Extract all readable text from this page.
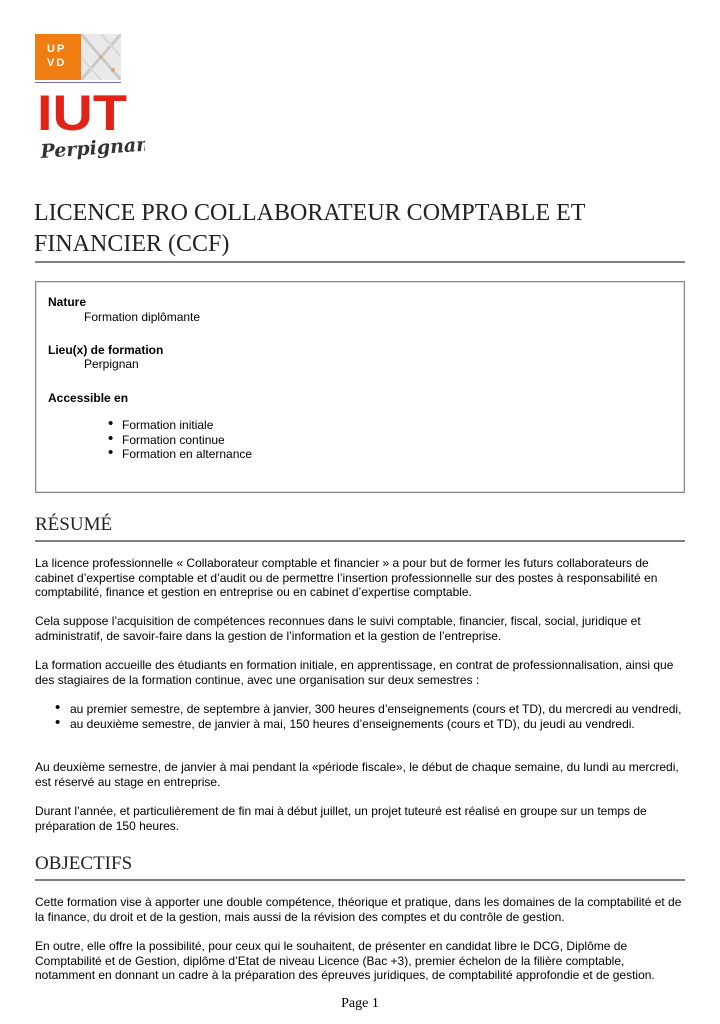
UP
VD
IUT
Perpignan
LICENCE PRO COLLABORATEUR COMPTABLE ET FINANCIER (CCF)
Nature
Formation diplômante
Lieu(x) de formation
Perpignan
Accessible en
• Formation initiale
• Formation continue
• Formation en alternance
RÉSUMÉ

La licence professionnelle « Collaborateur comptable et financier » a pour but de former les futurs collaborateurs de cabinet d’expertise comptable et d’audit ou de permettre l’insertion professionnelle sur des postes à responsabilité en comptabilité, finance et gestion en entreprise ou en cabinet d’expertise comptable.

Cela suppose l’acquisition de compétences reconnues dans le suivi comptable, financier, fiscal, social, juridique et administratif, de savoir-faire dans la gestion de l’information et la gestion de l’entreprise.

La formation accueille des étudiants en formation initiale, en apprentissage, en contrat de professionnalisation, ainsi que des stagiaires de la formation continue, avec une organisation sur deux semestres :

• au premier semestre, de septembre à janvier, 300 heures d’enseignements (cours et TD), du mercredi au vendredi,
• au deuxième semestre, de janvier à mai, 150 heures d’enseignements (cours et TD), du jeudi au vendredi.

Au deuxième semestre, de janvier à mai pendant la «période fiscale», le début de chaque semaine, du lundi au mercredi, est réservé au stage en entreprise.

Durant l’année, et particulièrement de fin mai à début juillet, un projet tuteuré est réalisé en groupe sur un temps de préparation de 150 heures.

OBJECTIFS

Cette formation vise à apporter une double compétence, théorique et pratique, dans les domaines de la comptabilité et de la finance, du droit et de la gestion, mais aussi de la révision des comptes et du contrôle de gestion.

En outre, elle offre la possibilité, pour ceux qui le souhaitent, de présenter en candidat libre le DCG, Diplôme de Comptabilité et de Gestion, diplôme d’Etat de niveau Licence (Bac +3), premier échelon de la filière comptable, notamment en donnant un cadre à la préparation des épreuves juridiques, de comptabilité approfondie et de gestion.

Page 1
